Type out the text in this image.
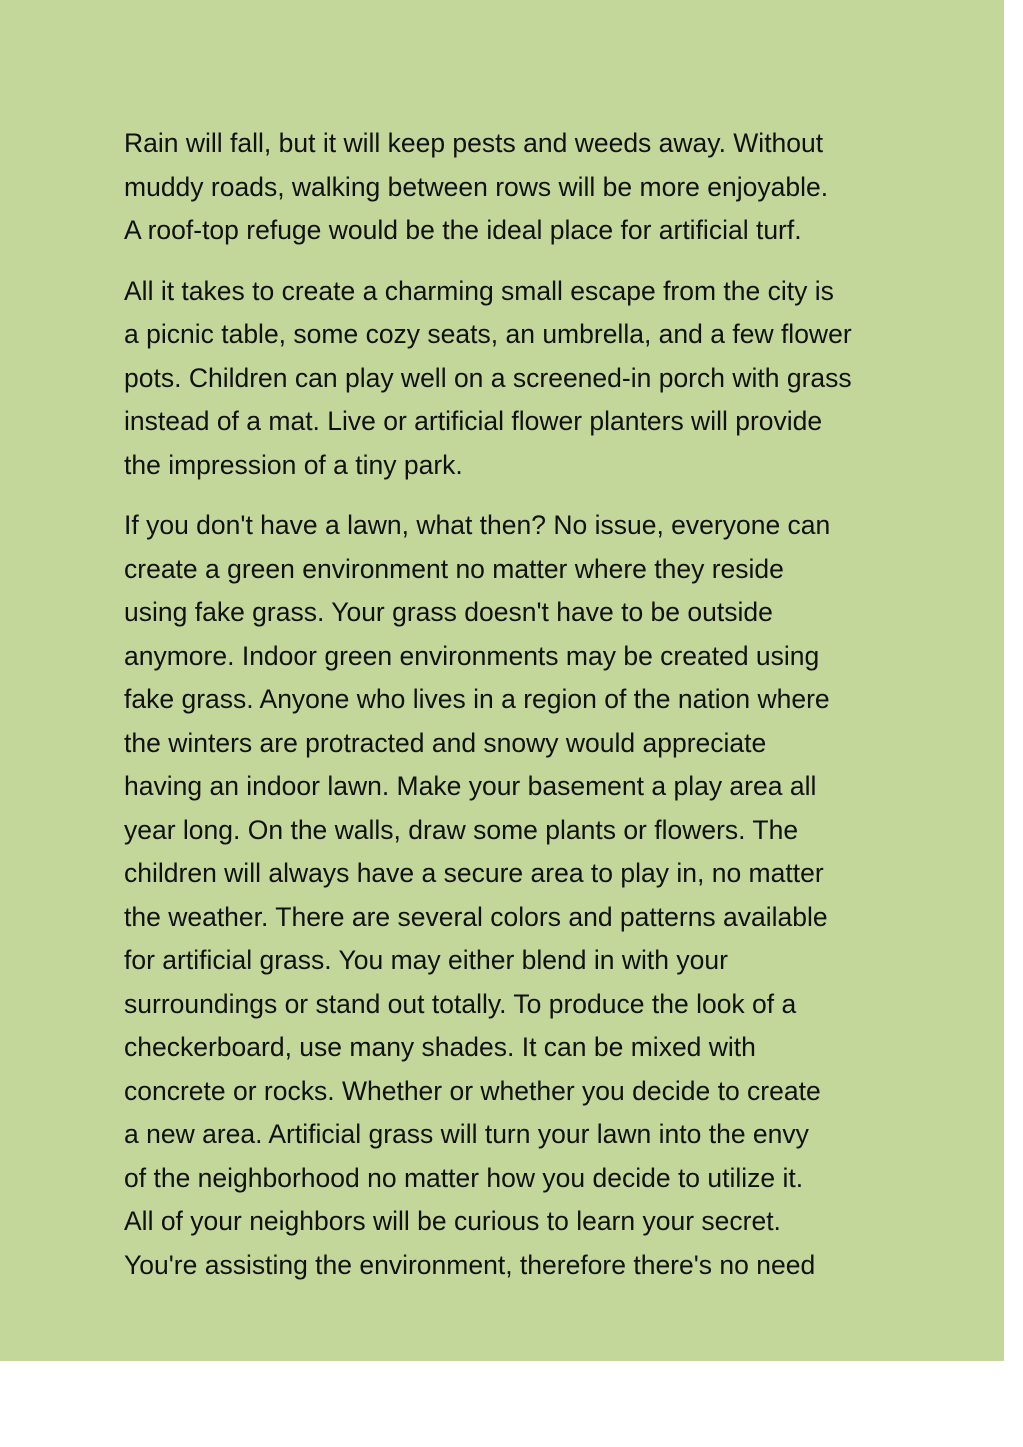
Rain will fall, but it will keep pests and weeds away. Without
muddy roads, walking between rows will be more enjoyable.
A roof-top refuge would be the ideal place for artificial turf.

All it takes to create a charming small escape from the city is
a picnic table, some cozy seats, an umbrella, and a few flower
pots. Children can play well on a screened-in porch with grass
instead of a mat. Live or artificial flower planters will provide
the impression of a tiny park.

If you don't have a lawn, what then? No issue, everyone can
create a green environment no matter where they reside
using fake grass. Your grass doesn't have to be outside
anymore. Indoor green environments may be created using
fake grass. Anyone who lives in a region of the nation where
the winters are protracted and snowy would appreciate
having an indoor lawn. Make your basement a play area all
year long. On the walls, draw some plants or flowers. The
children will always have a secure area to play in, no matter
the weather. There are several colors and patterns available
for artificial grass. You may either blend in with your
surroundings or stand out totally. To produce the look of a
checkerboard, use many shades. It can be mixed with
concrete or rocks. Whether or whether you decide to create
a new area. Artificial grass will turn your lawn into the envy
of the neighborhood no matter how you decide to utilize it.
All of your neighbors will be curious to learn your secret.
You're assisting the environment, therefore there's no need
